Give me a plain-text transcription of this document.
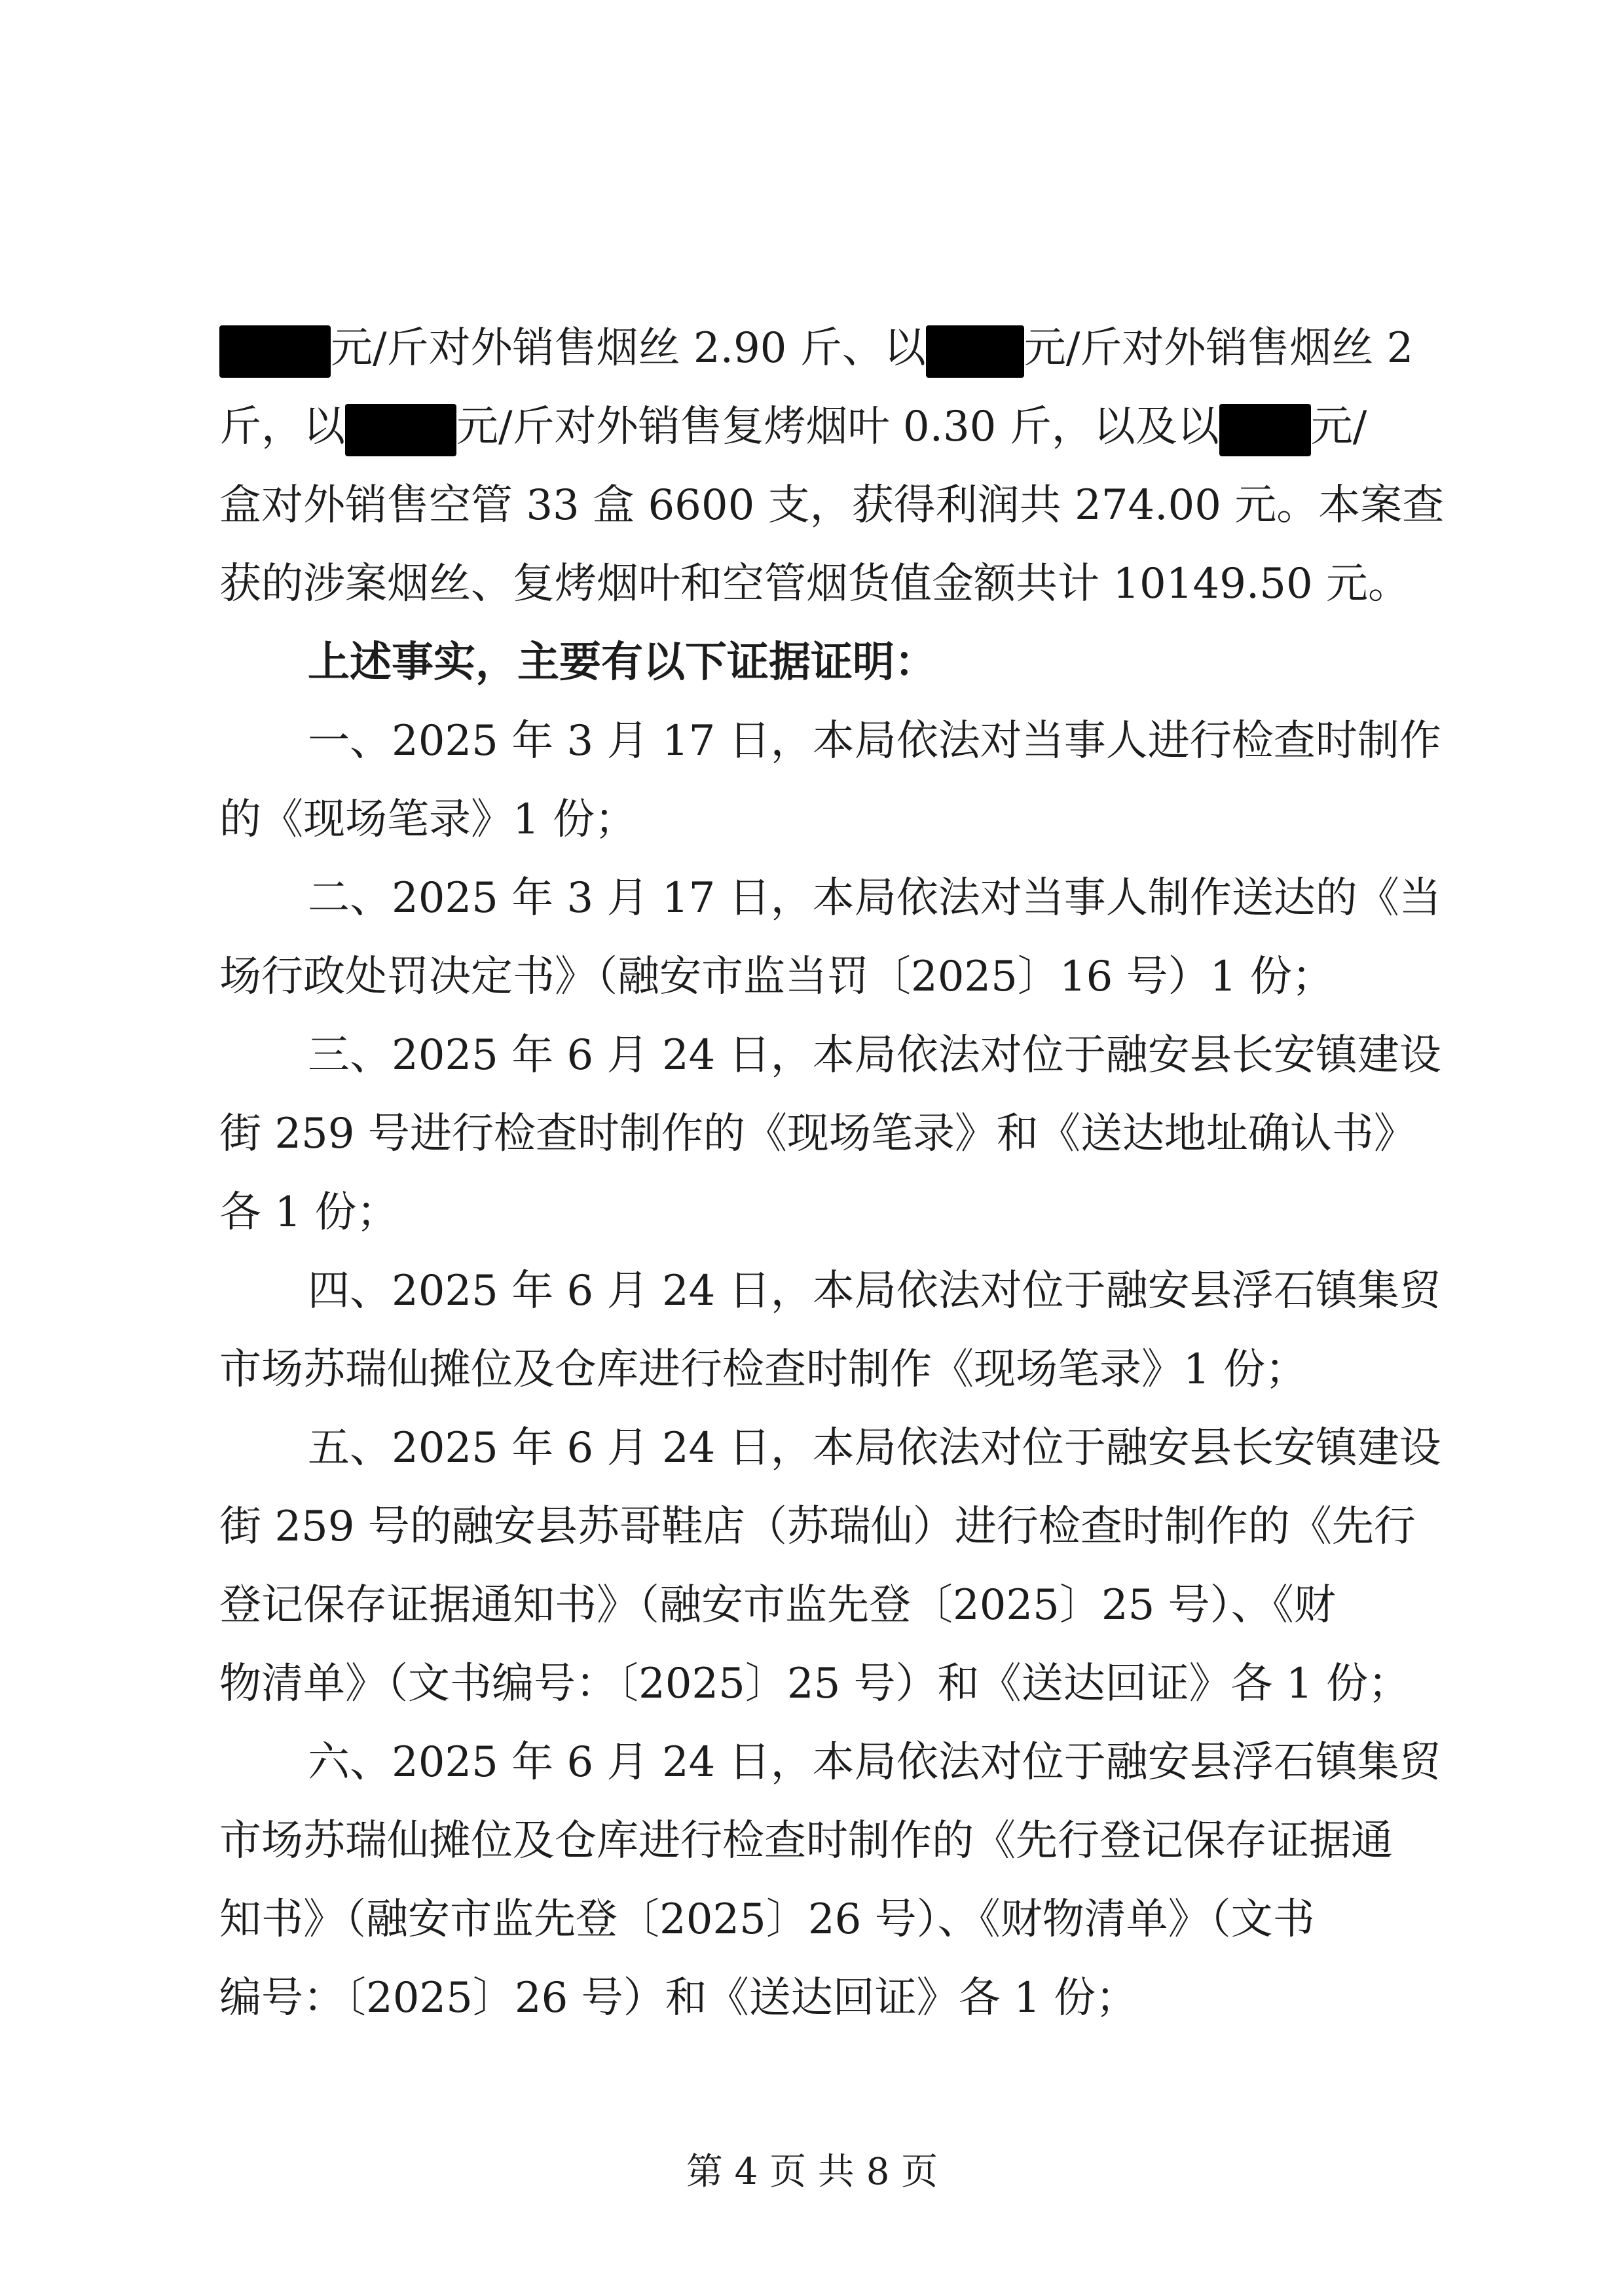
元/斤对外销售烟丝 2.90 斤、以 元/斤对外销售烟丝 2
斤，以	元/斤对外销售复烤烟叶 0.30 斤，以及以 元/
盒对外销售空管 33 盒 6600 支，获得利润共 274.00 元。本案查
获的涉案烟丝、复烤烟叶和空管烟货值金额共计 10149.50 元。
上述事实，主要有以下证据证明：
一、2025 年 3 月 17 日，本局依法对当事人进行检查时制作
的《现场笔录》1 份；
二、2025 年 3 月 17 日，本局依法对当事人制作送达的《当
场行政处罚决定书》（融安市监当罚〔2025〕16 号）1 份；
三、2025 年 6 月 24 日，本局依法对位于融安县长安镇建设
街 259 号进行检查时制作的《现场笔录》和《送达地址确认书》
各 1 份；
四、2025 年 6 月 24 日，本局依法对位于融安县浮石镇集贸
市场苏瑞仙摊位及仓库进行检查时制作《现场笔录》1 份；
五、2025 年 6 月 24 日，本局依法对位于融安县长安镇建设
街 259 号的融安县苏哥鞋店（苏瑞仙）进行检查时制作的《先行
登记保存证据通知书》（融安市监先登〔2025〕25 号）、《财
物清单》（文书编号：〔2025〕25 号）和《送达回证》各 1 份；
六、2025 年 6 月 24 日，本局依法对位于融安县浮石镇集贸
市场苏瑞仙摊位及仓库进行检查时制作的《先行登记保存证据通
知书》（融安市监先登〔2025〕26 号）、《财物清单》（文书
编号：〔2025〕26 号）和《送达回证》各 1 份；
第 4 页 共 8 页
